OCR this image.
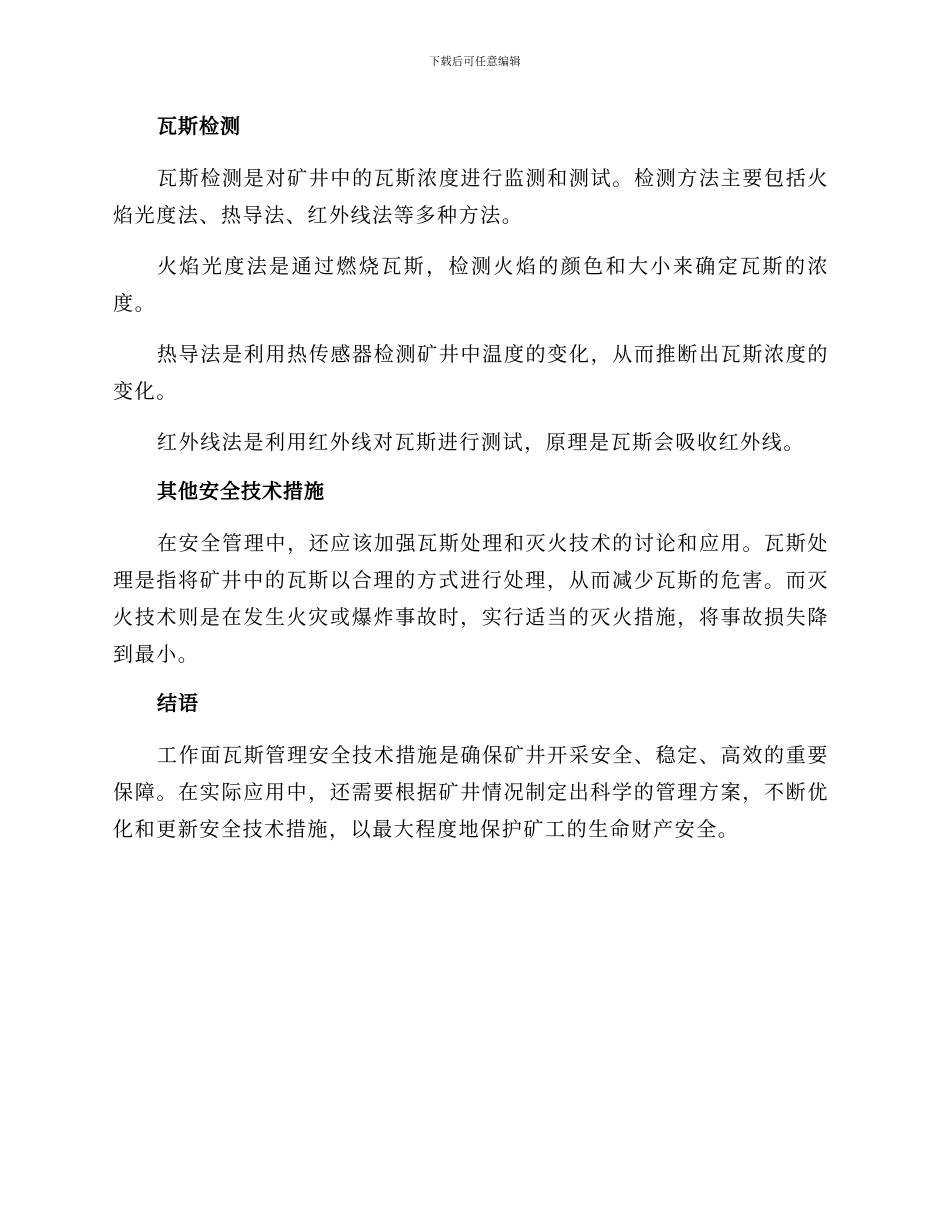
下载后可任意编辑
瓦斯检测

瓦斯检测是对矿井中的瓦斯浓度进行监测和测试。检测方法主要包括火焰光度法、热导法、红外线法等多种方法。

火焰光度法是通过燃烧瓦斯，检测火焰的颜色和大小来确定瓦斯的浓度。

热导法是利用热传感器检测矿井中温度的变化，从而推断出瓦斯浓度的变化。

红外线法是利用红外线对瓦斯进行测试，原理是瓦斯会吸收红外线。

其他安全技术措施

在安全管理中，还应该加强瓦斯处理和灭火技术的讨论和应用。瓦斯处理是指将矿井中的瓦斯以合理的方式进行处理，从而减少瓦斯的危害。而灭火技术则是在发生火灾或爆炸事故时，实行适当的灭火措施，将事故损失降到最小。

结语

工作面瓦斯管理安全技术措施是确保矿井开采安全、稳定、高效的重要保障。在实际应用中，还需要根据矿井情况制定出科学的管理方案，不断优化和更新安全技术措施，以最大程度地保护矿工的生命财产安全。
